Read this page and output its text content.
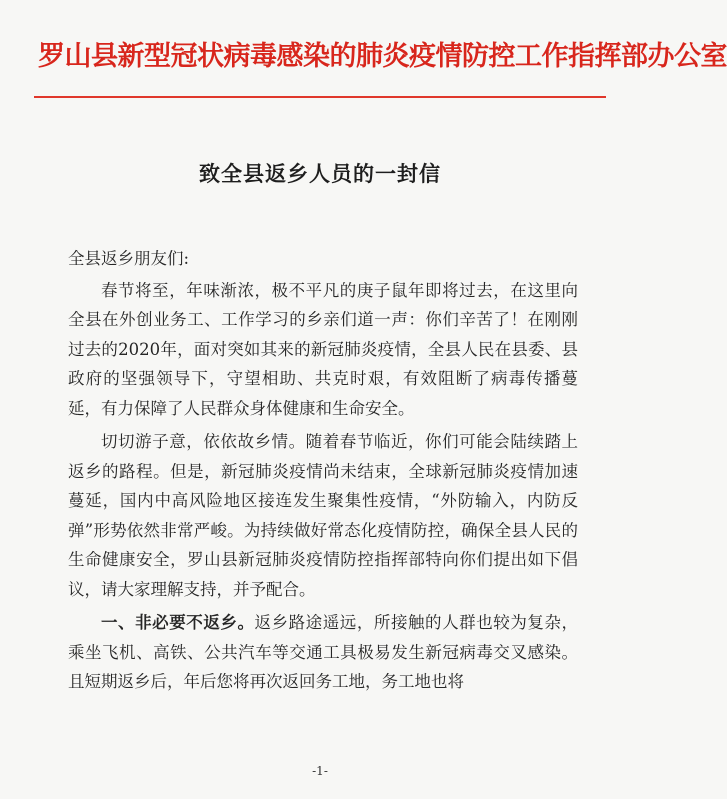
罗山县新型冠状病毒感染的肺炎疫情防控工作指挥部办公室
致全县返乡人员的一封信

全县返乡朋友们:

春节将至，年味渐浓，极不平凡的庚子鼠年即将过去，在这里向全县在外创业务工、工作学习的乡亲们道一声：你们辛苦了！在刚刚过去的2020年，面对突如其来的新冠肺炎疫情，全县人民在县委、县政府的坚强领导下，守望相助、共克时艰，有效阻断了病毒传播蔓延，有力保障了人民群众身体健康和生命安全。

切切游子意，依依故乡情。随着春节临近，你们可能会陆续踏上返乡的路程。但是，新冠肺炎疫情尚未结束，全球新冠肺炎疫情加速蔓延，国内中高风险地区接连发生聚集性疫情，“外防输入，内防反弹”形势依然非常严峻。为持续做好常态化疫情防控，确保全县人民的生命健康安全，罗山县新冠肺炎疫情防控指挥部特向你们提出如下倡议，请大家理解支持，并予配合。

一、非必要不返乡。返乡路途遥远，所接触的人群也较为复杂，乘坐飞机、高铁、公共汽车等交通工具极易发生新冠病毒交叉感染。且短期返乡后，年后您将再次返回务工地，务工地也将

-1-
